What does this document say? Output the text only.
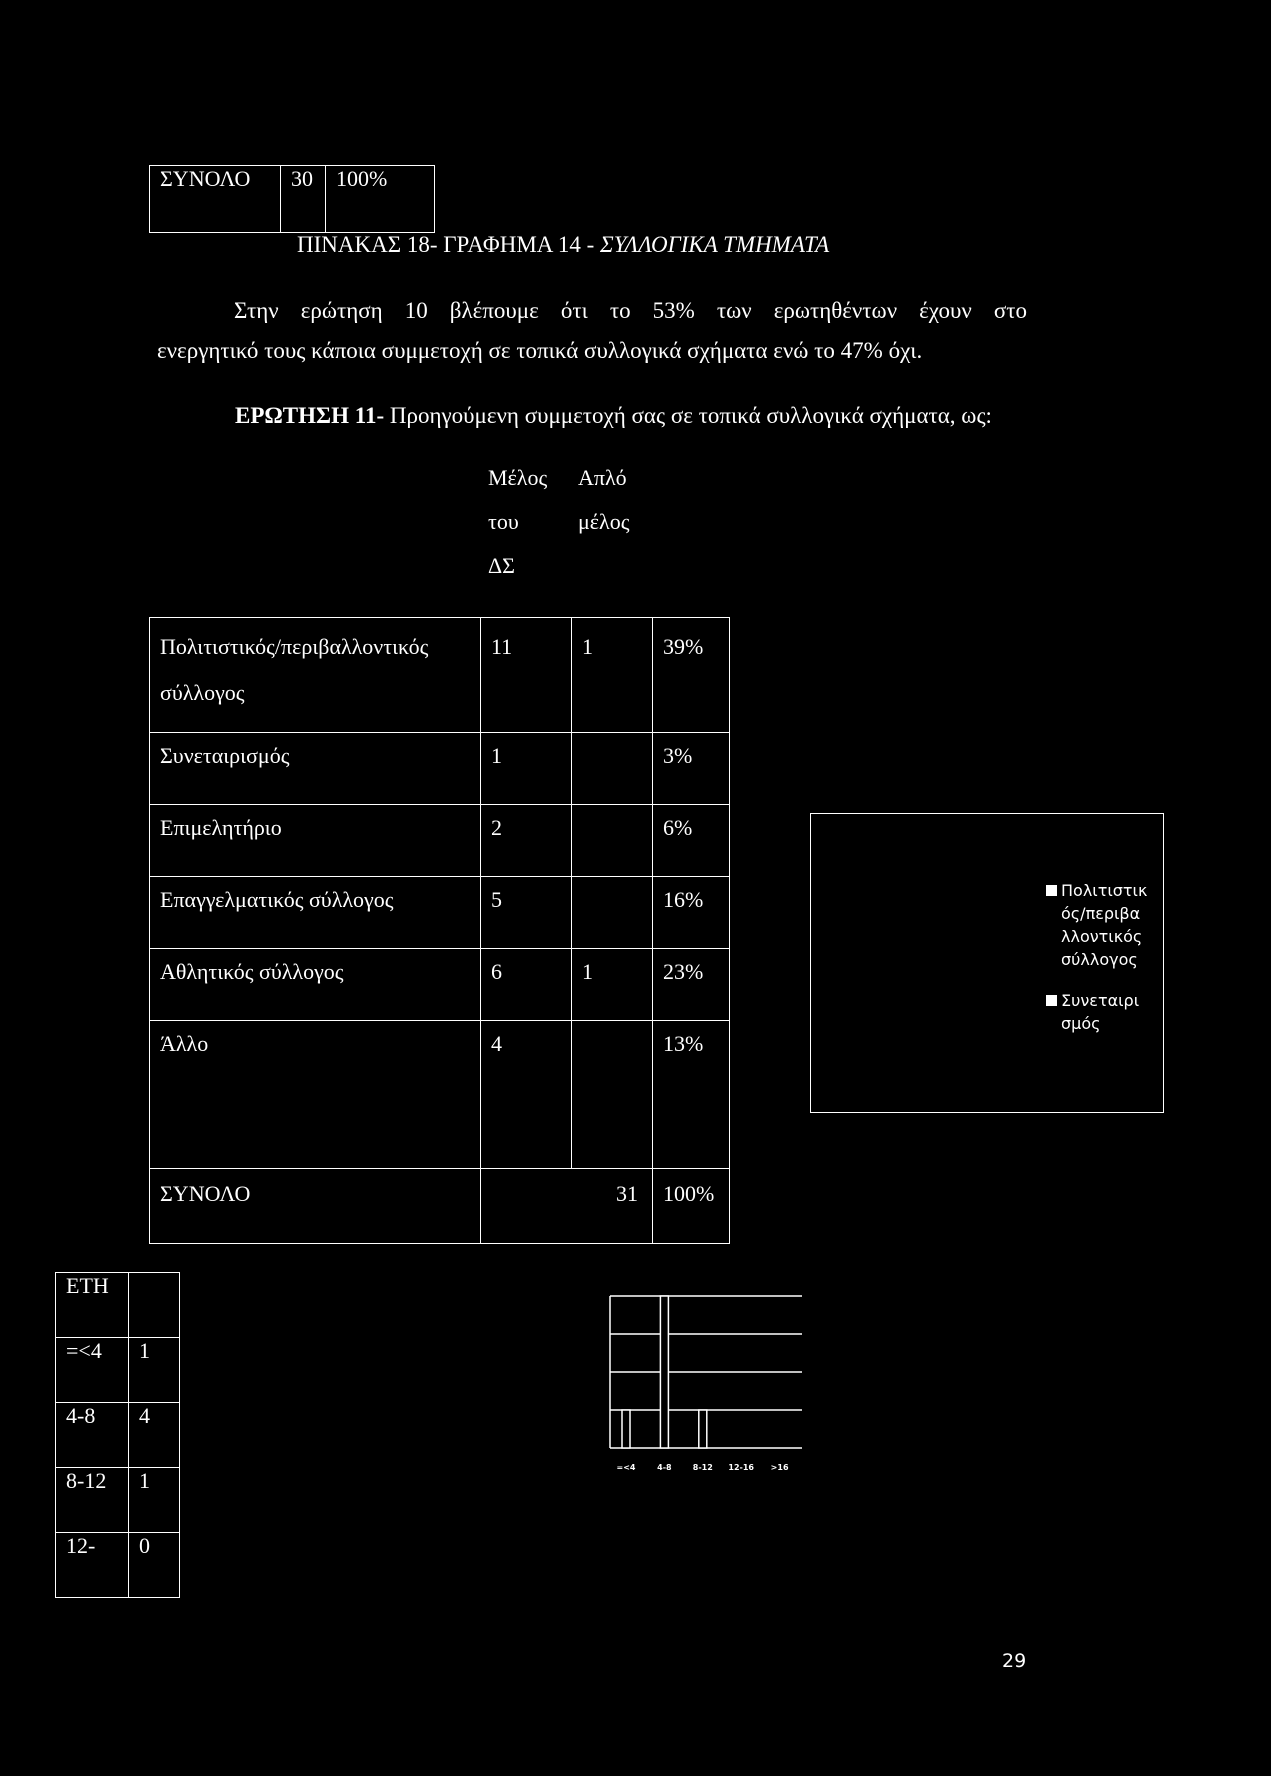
ΣΥΝΟΛΟ	30	100%
ΠΙΝΑΚΑΣ 18- ΓΡΑΦΗΜΑ 14 - ΣΥΛΛΟΓΙΚΑ ΤΜΗΜΑΤΑ
Στην ερώτηση 10 βλέπουμε ότι το 53% των ερωτηθέντων έχουν στο
ενεργητικό τους κάποια συμμετοχή σε τοπικά συλλογικά σχήματα ενώ το 47% όχι.
ΕΡΩΤΗΣΗ 11- Προηγούμενη συμμετοχή σας σε τοπικά συλλογικά σχήματα, ως:
Μέλος
του
ΔΣ
Απλό
μέλος
Πολιτιστικός/περιβαλλοντικός σύλλογος	11	1	39%
Συνεταιρισμός	1		3%
Επιμελητήριο	2		6%
Επαγγελματικός σύλλογος	5		16%
Αθλητικός σύλλογος	6	1	23%
Άλλο	4		13%
ΣΥΝΟΛΟ	31		100%
Πολιτιστικ ός/περιβα λλοντικός σύλλογος
Συνεταιρι σμός
ΕΤΗ	
=<4	1
4-8	4
8-12	1
12-	0
=<4	4-8	8-12 12-16 >16
29
